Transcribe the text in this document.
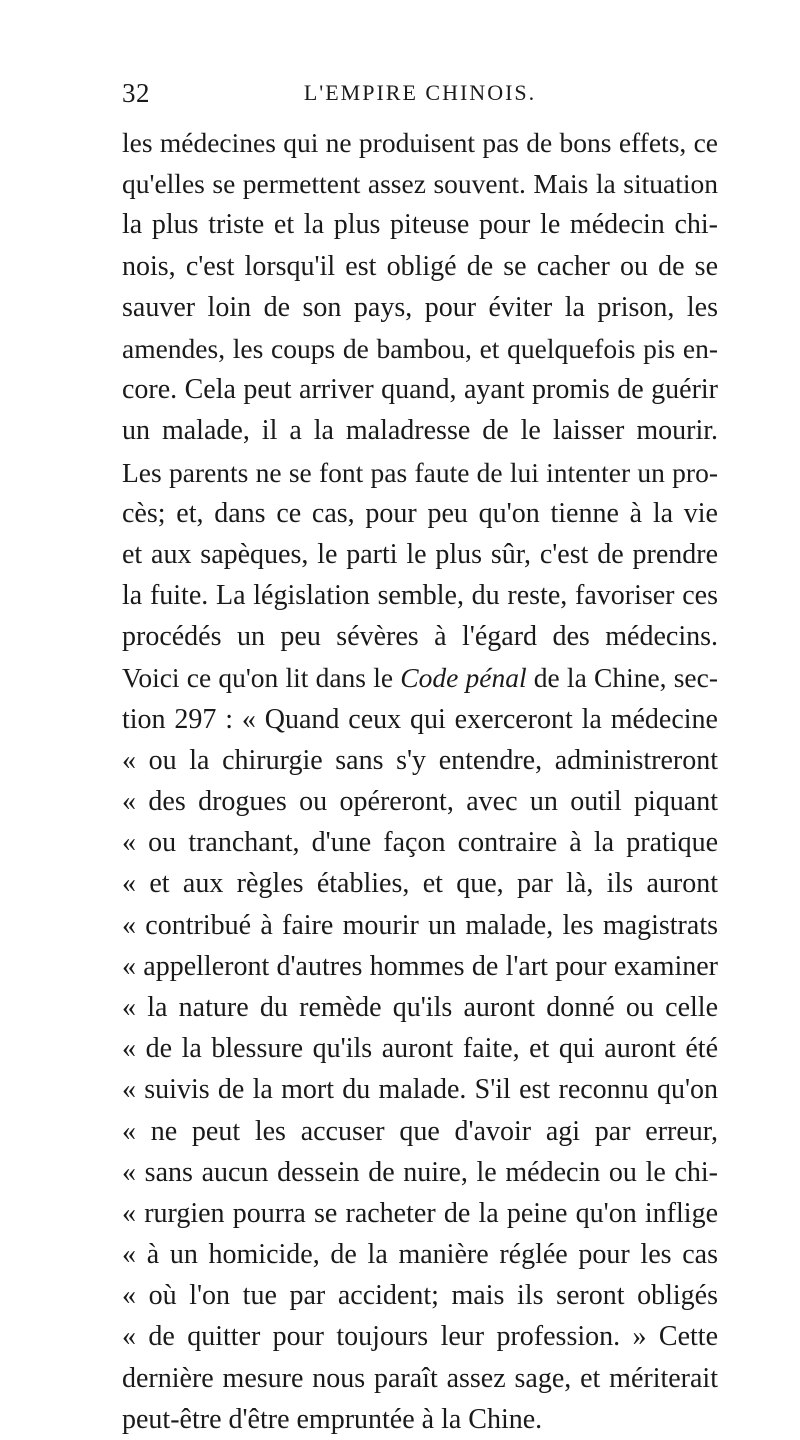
32	L'EMPIRE CHINOIS.
les médecines qui ne produisent pas de bons effets, ce
qu'elles se permettent assez souvent. Mais la situation
la plus triste et la plus piteuse pour le médecin chi-
nois, c'est lorsqu'il est obligé de se cacher ou de se
sauver loin de son pays, pour éviter la prison, les
amendes, les coups de bambou, et quelquefois pis en-
core. Cela peut arriver quand, ayant promis de guérir
un malade, il a la maladresse de le laisser mourir.
Les parents ne se font pas faute de lui intenter un pro-
cès; et, dans ce cas, pour peu qu'on tienne à la vie
et aux sapèques, le parti le plus sûr, c'est de prendre
la fuite. La législation semble, du reste, favoriser ces
procédés un peu sévères à l'égard des médecins.
Voici ce qu'on lit dans le Code pénal de la Chine, sec-
tion 297 : « Quand ceux qui exerceront la médecine
« ou la chirurgie sans s'y entendre, administreront
« des drogues ou opéreront, avec un outil piquant
« ou tranchant, d'une façon contraire à la pratique
« et aux règles établies, et que, par là, ils auront
« contribué à faire mourir un malade, les magistrats
« appelleront d'autres hommes de l'art pour examiner
« la nature du remède qu'ils auront donné ou celle
« de la blessure qu'ils auront faite, et qui auront été
« suivis de la mort du malade. S'il est reconnu qu'on
« ne peut les accuser que d'avoir agi par erreur,
« sans aucun dessein de nuire, le médecin ou le chi-
« rurgien pourra se racheter de la peine qu'on inflige
« à un homicide, de la manière réglée pour les cas
« où l'on tue par accident; mais ils seront obligés
« de quitter pour toujours leur profession. » Cette
dernière mesure nous paraît assez sage, et mériterait
peut-être d'être empruntée à la Chine.
